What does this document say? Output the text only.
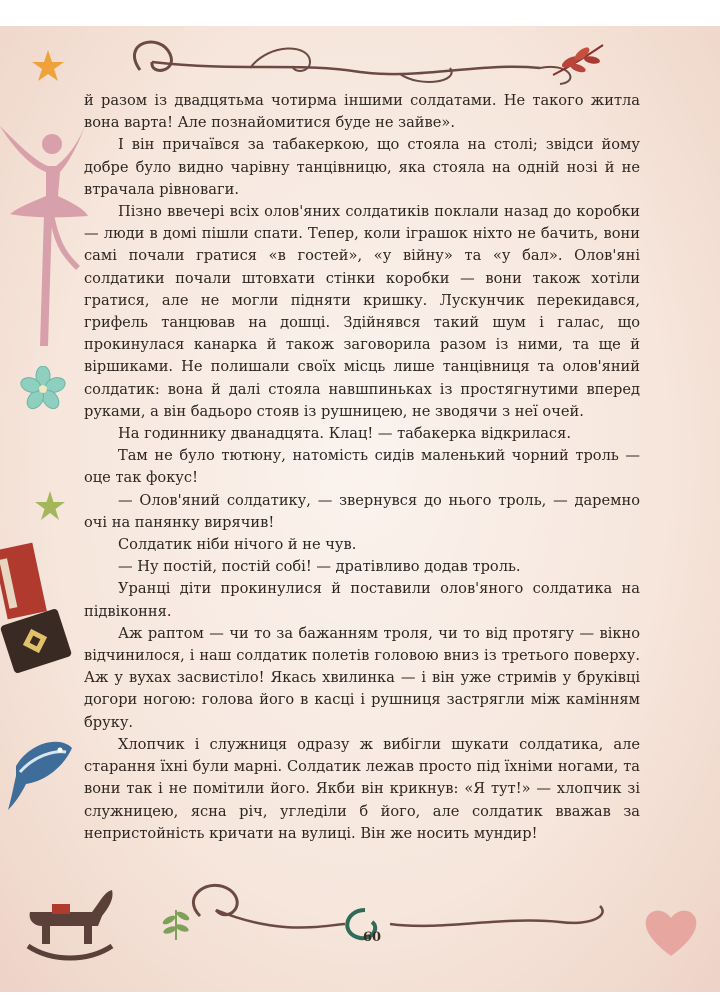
й разом із двадцятьма чотирма іншими солдатами. Не такого житла вона варта! Але познайомитися буде не зайве».

І він причаївся за табакеркою, що стояла на столі; звідси йому добре було видно чарівну танцівницю, яка стояла на одній нозі й не втрачала рівноваги.

Пізно ввечері всіх олов'яних солдатиків поклали назад до коробки — люди в домі пішли спати. Тепер, коли іграшок ніхто не бачить, вони самі почали гратися «в гостей», «у війну» та «у бал». Олов'яні солдатики почали штовхати стінки коробки — вони також хотіли гратися, але не могли підняти кришку. Лускунчик перекидався, грифель танцював на дошці. Здійнявся такий шум і галас, що прокинулася канарка й також заговорила разом із ними, та ще й віршиками. Не полишали своїх місць лише танцівниця та олов'яний солдатик: вона й далі стояла навшпиньках із простягнутими вперед руками, а він бадьоро стояв із рушницею, не зводячи з неї очей.

На годиннику дванадцята. Клац! — табакерка відкрилася.

Там не було тютюну, натомість сидів маленький чорний троль — оце так фокус!

— Олов'яний солдатику, — звернувся до нього троль, — даремно очі на панянку вирячив!

Солдатик ніби нічого й не чув.

— Ну постій, постій собі! — дратівливо додав троль.

Уранці діти прокинулися й поставили олов'яного солдатика на підвіконня.

Аж раптом — чи то за бажанням троля, чи то від протягу — вікно відчинилося, і наш солдатик полетів головою вниз із третього поверху. Аж у вухах засвистіло! Якась хвилинка — і він уже стримів у бруківці догори ногою: голова його в касці і рушниця застрягли між камінням бруку.

Хлопчик і служниця одразу ж вибігли шукати солдатика, але старання їхні були марні. Солдатик лежав просто під їхніми ногами, та вони так і не помітили його. Якби він крикнув: «Я тут!» — хлопчик зі служницею, ясна річ, угледіли б його, але солдатик вважав за непристойність кричати на вулиці. Він же носить мундир!

60
